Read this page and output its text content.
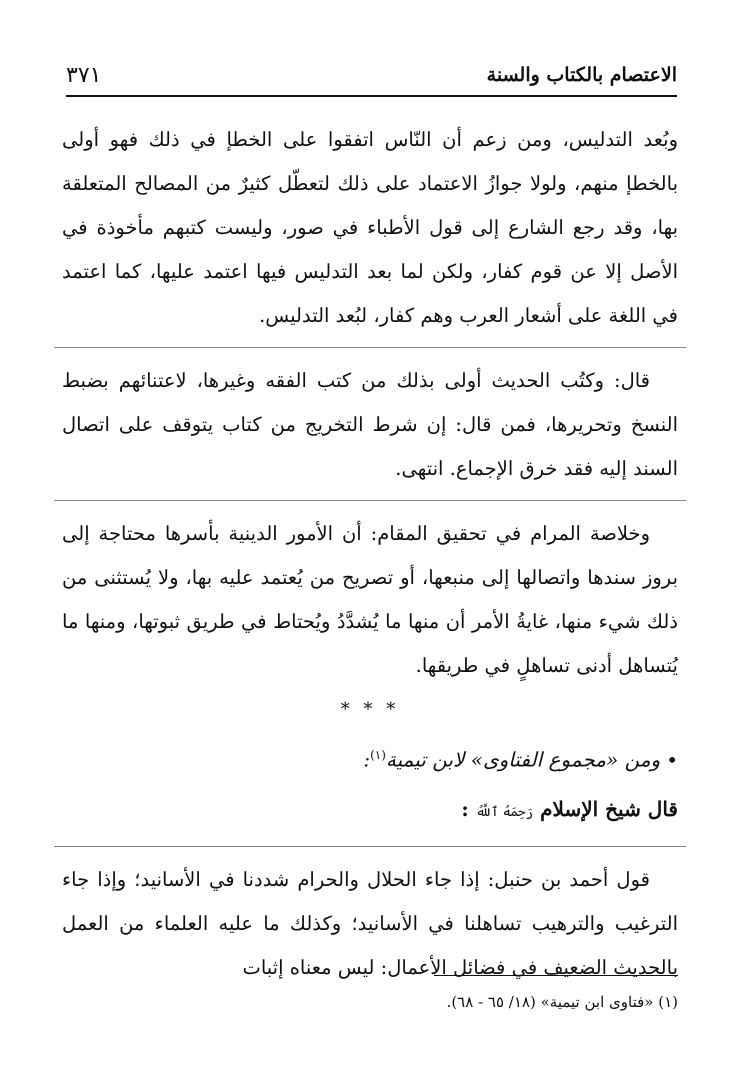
٣٧١	الاعتصام بالكتاب والسنة

وبُعد التدليس، ومن زعم أن النّاس اتفقوا على الخطإ في ذلك فهو أولى بالخطإ منهم، ولولا جوازُ الاعتماد على ذلك لتعطّل كثيرٌ من المصالح المتعلقة بها، وقد رجع الشارع إلى قول الأطباء في صور، وليست كتبهم مأخوذة في الأصل إلا عن قوم كفار، ولكن لما بعد التدليس فيها اعتمد عليها، كما اعتمد في اللغة على أشعار العرب وهم كفار، لبُعد التدليس.

قال: وكتُب الحديث أولى بذلك من كتب الفقه وغيرها، لاعتنائهم بضبط النسخ وتحريرها، فمن قال: إن شرط التخريج من كتاب يتوقف على اتصال السند إليه فقد خرق الإجماع. انتهى.

وخلاصة المرام في تحقيق المقام: أن الأمور الدينية بأسرها محتاجة إلى بروز سندها واتصالها إلى منبعها، أو تصريح من يُعتمد عليه بها، ولا يُستثنى من ذلك شيء منها، غايةُ الأمر أن منها ما يُشدَّدُ ويُحتاط في طريق ثبوتها، ومنها ما يُتساهل أدنى تساهلٍ في طريقها.

* * *

•ومن «مجموع الفتاوى» لابن تيمية$^{(١)}$:

قال شيخ الإسلام رَحِمَهُ ٱللَّهُ :

قول أحمد بن حنبل: إذا جاء الحلال والحرام شددنا في الأسانيد؛ وإذا جاء الترغيب والترهيب تساهلنا في الأسانيد؛ وكذلك ما عليه العلماء من العمل بالحديث الضعيف في فضائل الأعمال: ليس معناه إثبات

(١) «فتاوى ابن تيمية» (١٨/ ٦٥ - ٦٨).
